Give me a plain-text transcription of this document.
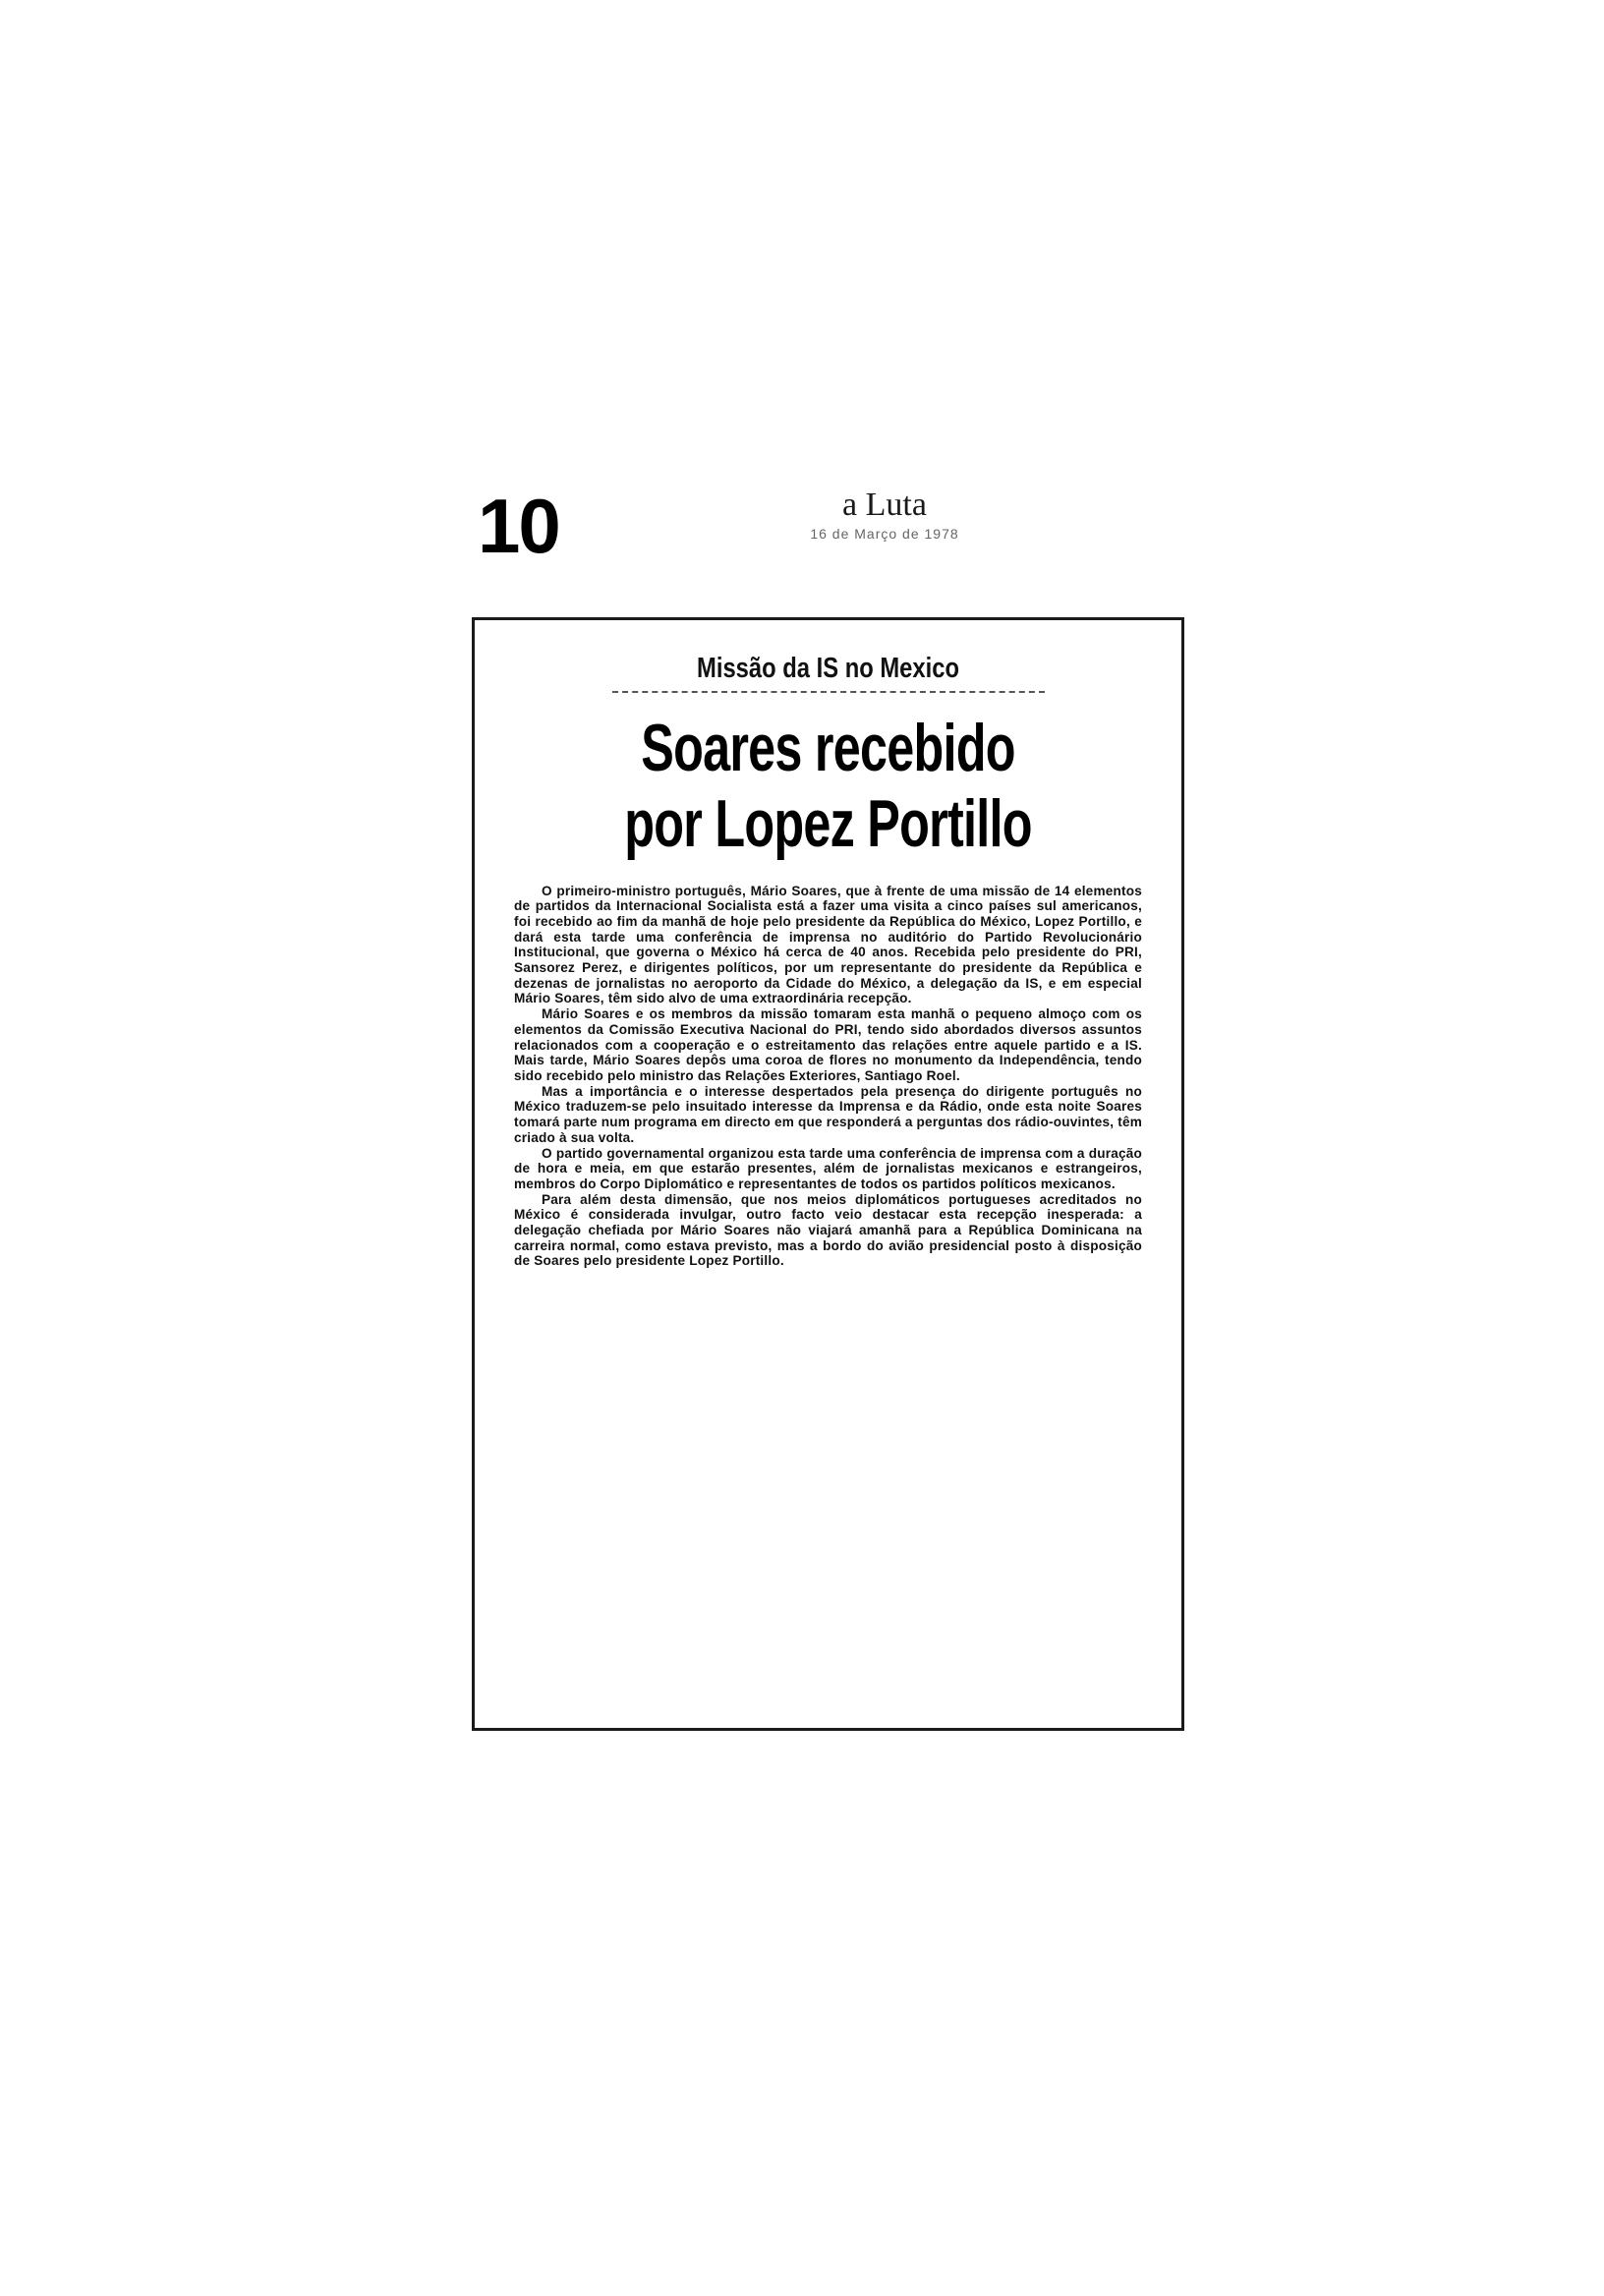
10	a Luta
16 de Março de 1978
Missão da IS no Mexico
Soares recebido
por Lopez Portillo

O primeiro-ministro português, Mário Soares, que à frente de uma missão de 14 elementos de partidos da Internacional Socialista está a fazer uma visita a cinco países sul americanos, foi recebido ao fim da manhã de hoje pelo presidente da República do México, Lopez Portillo, e dará esta tarde uma conferência de imprensa no auditório do Partido Revolucionário Institucional, que governa o México há cerca de 40 anos. Recebida pelo presidente do PRI, Sansorez Perez, e dirigentes políticos, por um representante do presidente da República e dezenas de jornalistas no aeroporto da Cidade do México, a delegação da IS, e em especial Mário Soares, têm sido alvo de uma extraordinária recepção.

Mário Soares e os membros da missão tomaram esta manhã o pequeno almoço com os elementos da Comissão Executiva Nacional do PRI, tendo sido abordados diversos assuntos relacionados com a cooperação e o estreitamento das relações entre aquele partido e a IS. Mais tarde, Mário Soares depôs uma coroa de flores no monumento da Independência, tendo sido recebido pelo ministro das Relações Exteriores, Santiago Roel.

Mas a importância e o interesse despertados pela presença do dirigente português no México traduzem-se pelo insuitado interesse da Imprensa e da Rádio, onde esta noite Soares tomará parte num programa em directo em que responderá a perguntas dos rádio-ouvintes, têm criado à sua volta.

O partido governamental organizou esta tarde uma conferência de imprensa com a duração de hora e meia, em que estarão presentes, além de jornalistas mexicanos e estrangeiros, membros do Corpo Diplomático e representantes de todos os partidos políticos mexicanos.

Para além desta dimensão, que nos meios diplomáticos portugueses acreditados no México é considerada invulgar, outro facto veio destacar esta recepção inesperada: a delegação chefiada por Mário Soares não viajará amanhã para a República Dominicana na carreira normal, como estava previsto, mas a bordo do avião presidencial posto à disposição de Soares pelo presidente Lopez Portillo.
